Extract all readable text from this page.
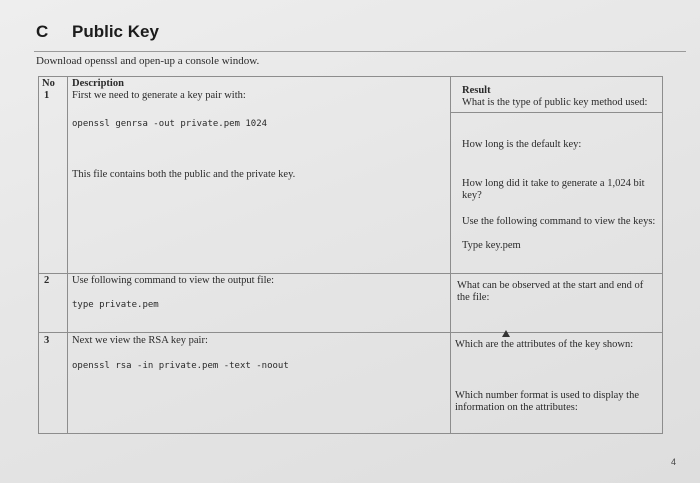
C	Public Key
Download openssl and open-up a console window.
No Description
Result
1 First we need to generate a key pair with:
openssl genrsa -out private.pem 1024
This file contains both the public and the private key.
What is the type of public key method used:
How long is the default key:
How long did it take to generate a 1,024 bit key?
Use the following command to view the keys:
Type key.pem
2 Use following command to view the output file:
type private.pem
What can be observed at the start and end of the file:
3 Next we view the RSA key pair:
openssl rsa -in private.pem -text -noout
Which are the attributes of the key shown:
Which number format is used to display the information on the attributes:
4
